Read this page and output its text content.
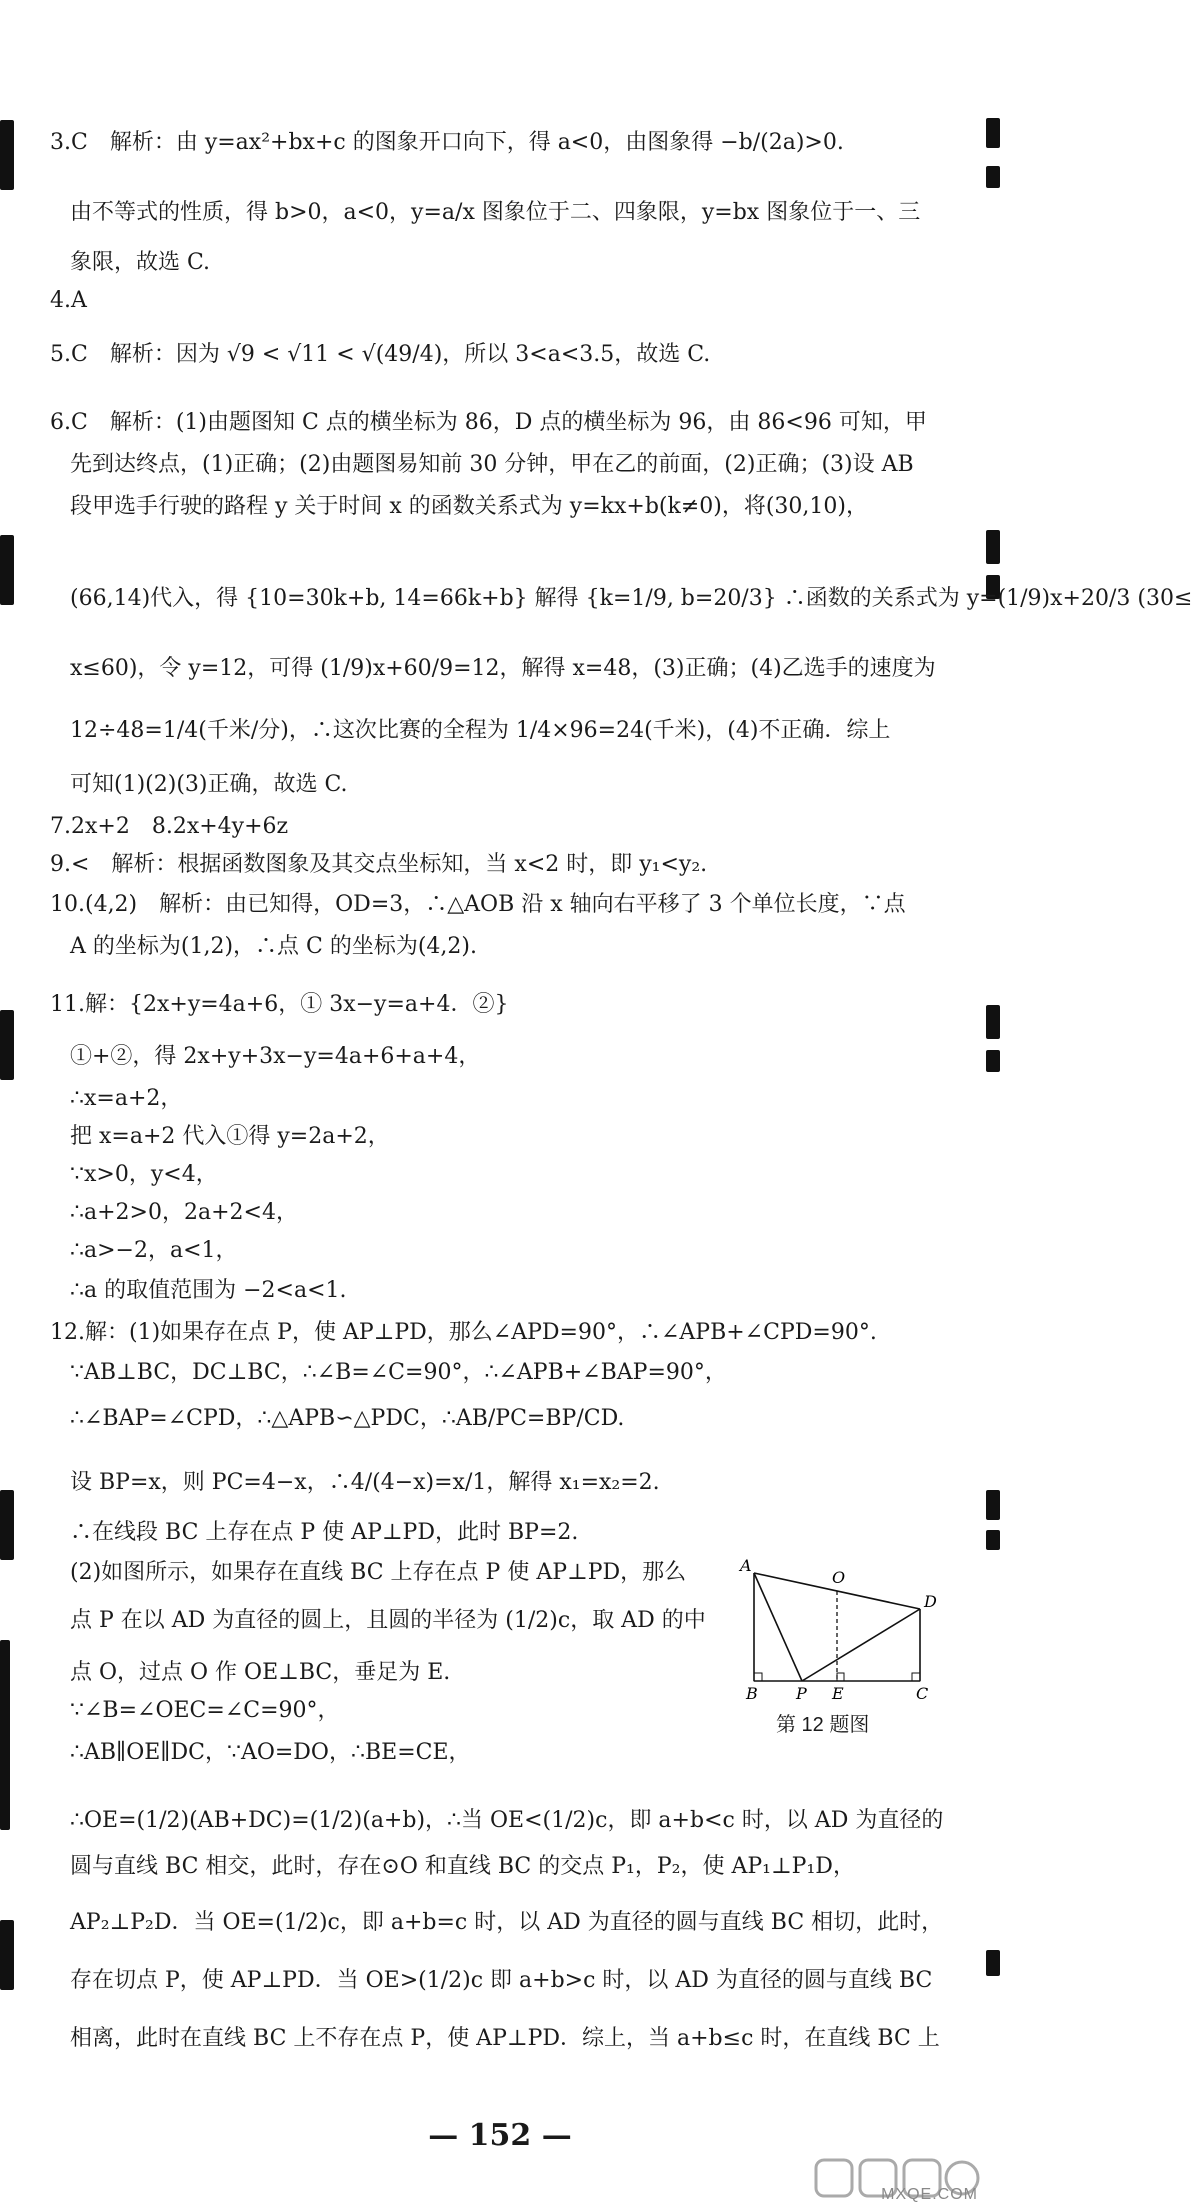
3.C　解析：由 y=ax²+bx+c 的图象开口向下，得 a<0，由图象得 −b/(2a)>0.
由不等式的性质，得 b>0，a<0，y=a/x 图象位于二、四象限，y=bx 图象位于一、三
象限，故选 C.
4.A
5.C　解析：因为 √9 < √11 < √(49/4)，所以 3<a<3.5，故选 C.
6.C　解析：(1)由题图知 C 点的横坐标为 86，D 点的横坐标为 96，由 86<96 可知，甲
先到达终点，(1)正确；(2)由题图易知前 30 分钟，甲在乙的前面，(2)正确；(3)设 AB
段甲选手行驶的路程 y 关于时间 x 的函数关系式为 y=kx+b(k≠0)，将(30,10)，
(66,14)代入，得 {10=30k+b, 14=66k+b} 解得 {k=1/9, b=20/3} ∴函数的关系式为 y=(1/9)x+20/3 (30≤
x≤60)，令 y=12，可得 (1/9)x+60/9=12，解得 x=48，(3)正确；(4)乙选手的速度为
12÷48=1/4(千米/分)，∴这次比赛的全程为 1/4×96=24(千米)，(4)不正确．综上
可知(1)(2)(3)正确，故选 C.
7.2x+2　8.2x+4y+6z
9.<　解析：根据函数图象及其交点坐标知，当 x<2 时，即 y₁<y₂.
10.(4,2)　解析：由已知得，OD=3，∴△AOB 沿 x 轴向右平移了 3 个单位长度，∵点
A 的坐标为(1,2)，∴点 C 的坐标为(4,2).
11.解：{2x+y=4a+6，① 3x−y=a+4．②}
①+②，得 2x+y+3x−y=4a+6+a+4，
∴x=a+2，
把 x=a+2 代入①得 y=2a+2，
∵x>0，y<4，
∴a+2>0，2a+2<4，
∴a>−2，a<1，
∴a 的取值范围为 −2<a<1.
12.解：(1)如果存在点 P，使 AP⊥PD，那么∠APD=90°，∴∠APB+∠CPD=90°.
∵AB⊥BC，DC⊥BC，∴∠B=∠C=90°，∴∠APB+∠BAP=90°，
∴∠BAP=∠CPD，∴△APB∽△PDC，∴AB/PC=BP/CD.
设 BP=x，则 PC=4−x，∴4/(4−x)=x/1，解得 x₁=x₂=2.
∴在线段 BC 上存在点 P 使 AP⊥PD，此时 BP=2.
(2)如图所示，如果存在直线 BC 上存在点 P 使 AP⊥PD，那么
点 P 在以 AD 为直径的圆上，且圆的半径为 (1/2)c，取 AD 的中
点 O，过点 O 作 OE⊥BC，垂足为 E.
∵∠B=∠OEC=∠C=90°，
∴AB∥OE∥DC，∵AO=DO，∴BE=CE，
∴OE=(1/2)(AB+DC)=(1/2)(a+b)，∴当 OE<(1/2)c，即 a+b<c 时，以 AD 为直径的
圆与直线 BC 相交，此时，存在⊙O 和直线 BC 的交点 P₁，P₂，使 AP₁⊥P₁D，
AP₂⊥P₂D．当 OE=(1/2)c，即 a+b=c 时，以 AD 为直径的圆与直线 BC 相切，此时，
存在切点 P，使 AP⊥PD．当 OE>(1/2)c 即 a+b>c 时，以 AD 为直径的圆与直线 BC
相离，此时在直线 BC 上不存在点 P，使 AP⊥PD．综上，当 a+b≤c 时，在直线 BC 上
A
O
D
B P E	C
第 12 题图
— 152 —
MXQE.COM
